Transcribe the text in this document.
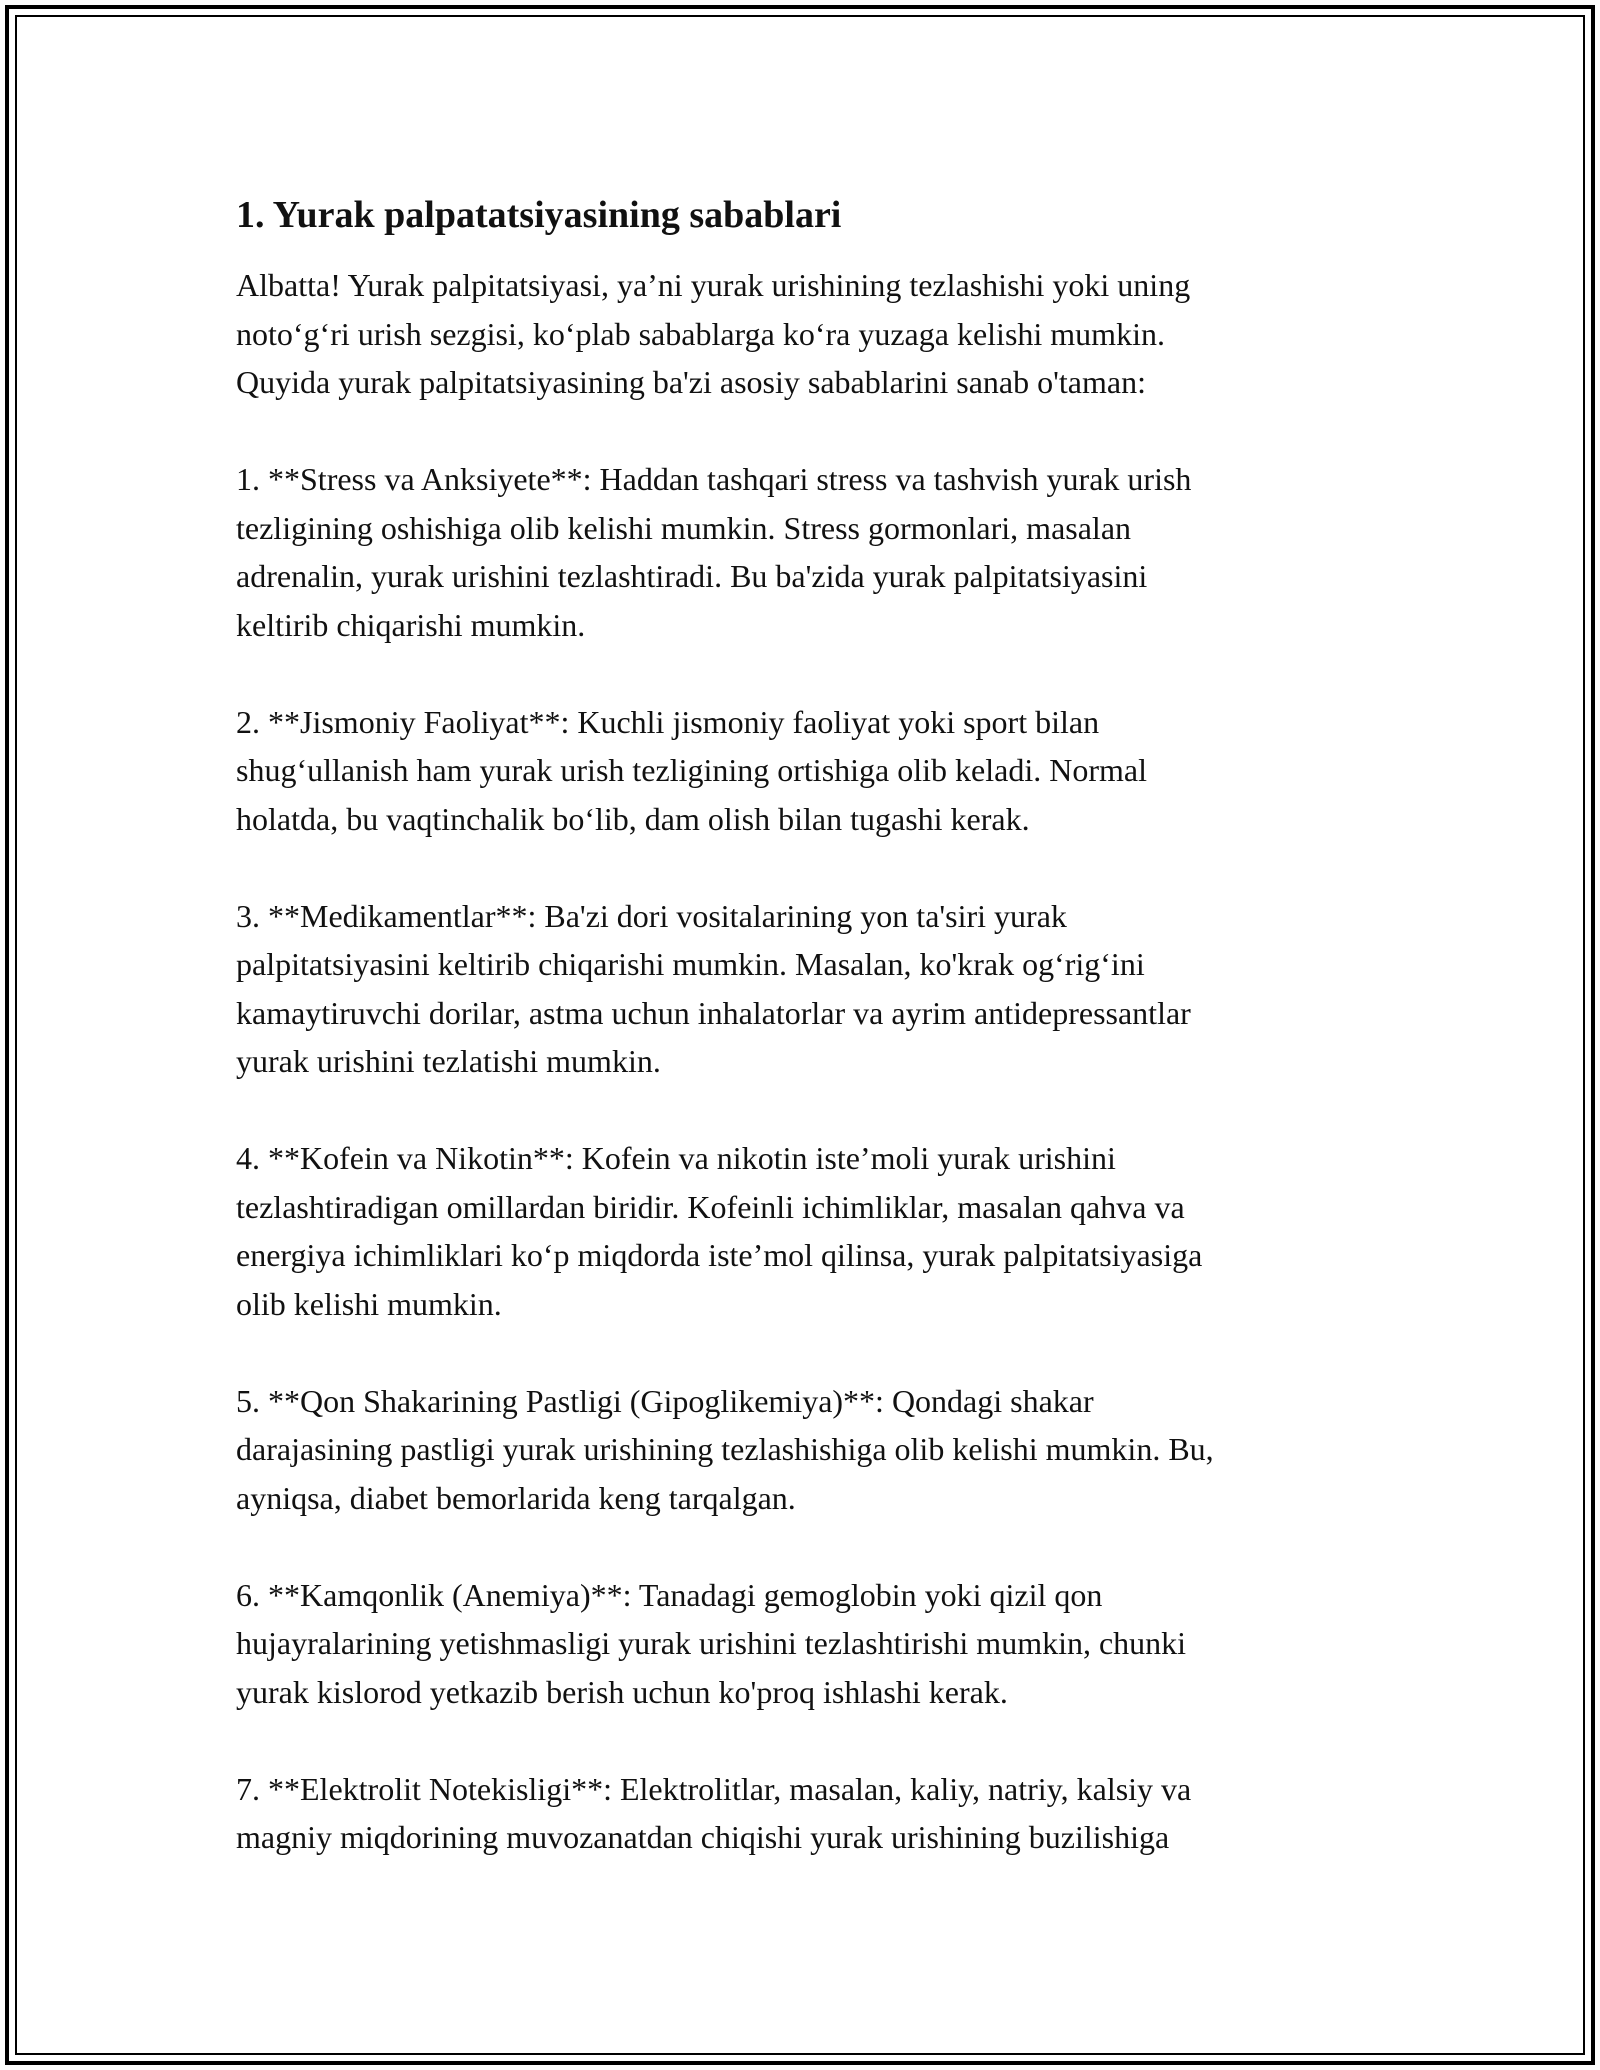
1. Yurak palpatatsiyasining sabablari

Albatta! Yurak palpitatsiyasi, ya’ni yurak urishining tezlashishi yoki uning
noto‘g‘ri urish sezgisi, ko‘plab sabablarga ko‘ra yuzaga kelishi mumkin.
Quyida yurak palpitatsiyasining ba'zi asosiy sabablarini sanab o'taman:

1. **Stress va Anksiyete**: Haddan tashqari stress va tashvish yurak urish
tezligining oshishiga olib kelishi mumkin. Stress gormonlari, masalan
adrenalin, yurak urishini tezlashtiradi. Bu ba'zida yurak palpitatsiyasini
keltirib chiqarishi mumkin.

2. **Jismoniy Faoliyat**: Kuchli jismoniy faoliyat yoki sport bilan
shug‘ullanish ham yurak urish tezligining ortishiga olib keladi. Normal
holatda, bu vaqtinchalik bo‘lib, dam olish bilan tugashi kerak.

3. **Medikamentlar**: Ba'zi dori vositalarining yon ta'siri yurak
palpitatsiyasini keltirib chiqarishi mumkin. Masalan, ko'krak og‘rig‘ini
kamaytiruvchi dorilar, astma uchun inhalatorlar va ayrim antidepressantlar
yurak urishini tezlatishi mumkin.

4. **Kofein va Nikotin**: Kofein va nikotin iste’moli yurak urishini
tezlashtiradigan omillardan biridir. Kofeinli ichimliklar, masalan qahva va
energiya ichimliklari ko‘p miqdorda iste’mol qilinsa, yurak palpitatsiyasiga
olib kelishi mumkin.

5. **Qon Shakarining Pastligi (Gipoglikemiya)**: Qondagi shakar
darajasining pastligi yurak urishining tezlashishiga olib kelishi mumkin. Bu,
ayniqsa, diabet bemorlarida keng tarqalgan.

6. **Kamqonlik (Anemiya)**: Tanadagi gemoglobin yoki qizil qon
hujayralarining yetishmasligi yurak urishini tezlashtirishi mumkin, chunki
yurak kislorod yetkazib berish uchun ko'proq ishlashi kerak.

7. **Elektrolit Notekisligi**: Elektrolitlar, masalan, kaliy, natriy, kalsiy va
magniy miqdorining muvozanatdan chiqishi yurak urishining buzilishiga
